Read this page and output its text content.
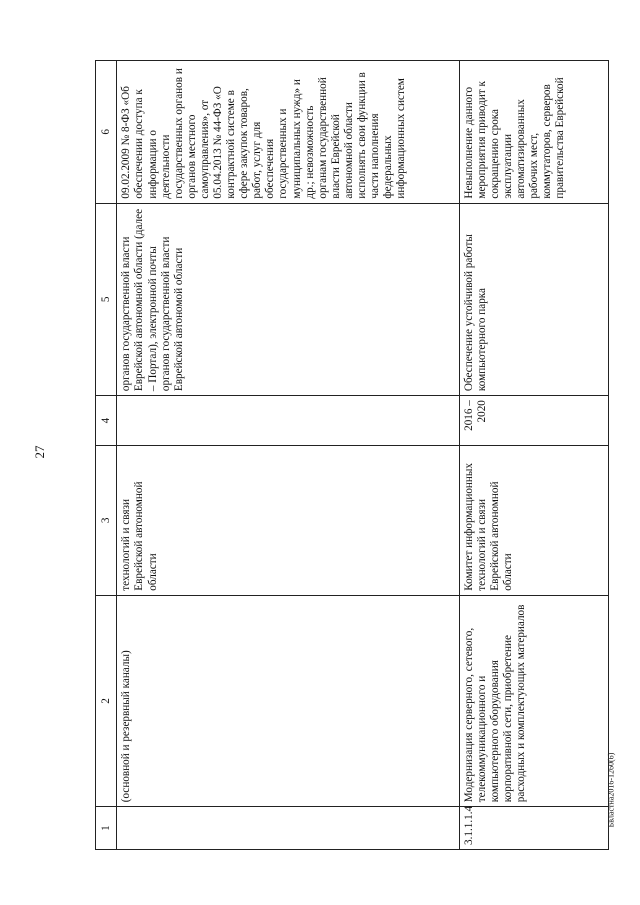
27
Бвластна2016-1260(6)
1	2	3	4	5	6
	(основной и резервный каналы)	технологий и связи Еврейской автономной области		органов государственной власти Еврейской автономной области (далее – Портал), электронной почты органов государственной власти Еврейской автономой области	09.02.2009 № 8-ФЗ «Об обеспечении доступа к информации о деятельности государственных органов и органов местного самоуправления», от 05.04.2013 № 44-ФЗ «О контрактной системе в сфере закупок товаров, работ, услуг для обеспечения государственных и муниципальных нужд» и др.; невозможность органам государственной власти Еврейской автономной области исполнять свои функции в части наполнения федеральных информационных систем
3.1.1.1.4	Модернизация серверного, сетевого, телекоммуникационного и компьютерного оборудования корпоративной сети, приобретение расходных и комплектующих материалов	Комитет информационных технологий и связи Еврейской автономной области	2016 – 2020	Обеспечение устойчивой работы компьютерного парка	Невыполнение данного мероприятия приводит к сокращению срока эксплуатации автоматизированных рабочих мест, коммутаторов, серверов правительства Еврейской
